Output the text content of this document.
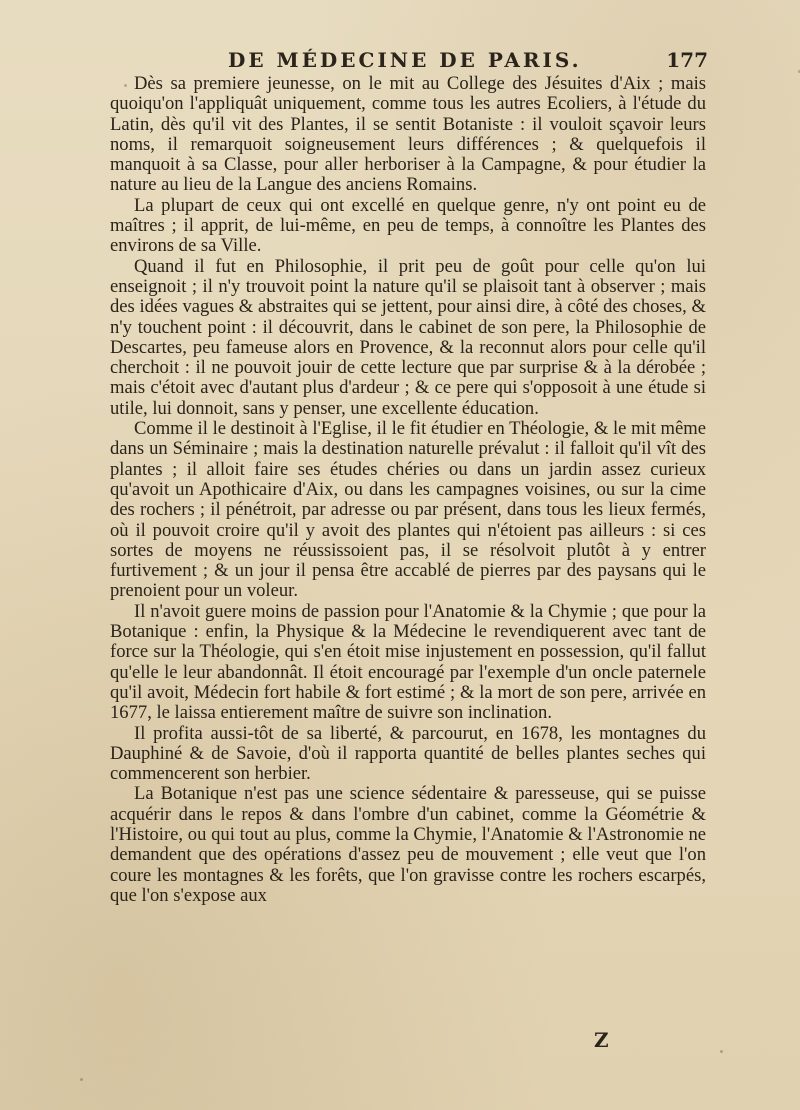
DE MÉDECINE DE PARIS.	177

Dès sa premiere jeunesse, on le mit au College des Jésuites d'Aix ; mais quoiqu'on l'appliquât uniquement, comme tous les autres Ecoliers, à l'étude du Latin, dès qu'il vit des Plantes, il se sentit Botaniste : il vouloit sçavoir leurs noms, il remarquoit soigneusement leurs différences ; & quelquefois il manquoit à sa Classe, pour aller herboriser à la Campagne, & pour étudier la nature au lieu de la Langue des anciens Romains.

La plupart de ceux qui ont excellé en quelque genre, n'y ont point eu de maîtres ; il apprit, de lui-même, en peu de temps, à connoître les Plantes des environs de sa Ville.

Quand il fut en Philosophie, il prit peu de goût pour celle qu'on lui enseignoit ; il n'y trouvoit point la nature qu'il se plaisoit tant à observer ; mais des idées vagues & abstraites qui se jettent, pour ainsi dire, à côté des choses, & n'y touchent point : il découvrit, dans le cabinet de son pere, la Philosophie de Descartes, peu fameuse alors en Provence, & la reconnut alors pour celle qu'il cherchoit : il ne pouvoit jouir de cette lecture que par surprise & à la dérobée ; mais c'étoit avec d'autant plus d'ardeur ; & ce pere qui s'opposoit à une étude si utile, lui donnoit, sans y penser, une excellente éducation.

Comme il le destinoit à l'Eglise, il le fit étudier en Théologie, & le mit même dans un Séminaire ; mais la destination naturelle prévalut : il falloit qu'il vît des plantes ; il alloit faire ses études chéries ou dans un jardin assez curieux qu'avoit un Apothicaire d'Aix, ou dans les campagnes voisines, ou sur la cime des rochers ; il pénétroit, par adresse ou par présent, dans tous les lieux fermés, où il pouvoit croire qu'il y avoit des plantes qui n'étoient pas ailleurs : si ces sortes de moyens ne réussissoient pas, il se résolvoit plutôt à y entrer furtivement ; & un jour il pensa être accablé de pierres par des paysans qui le prenoient pour un voleur.

Il n'avoit guere moins de passion pour l'Anatomie & la Chymie ; que pour la Botanique : enfin, la Physique & la Médecine le revendiquerent avec tant de force sur la Théologie, qui s'en étoit mise injustement en possession, qu'il fallut qu'elle le leur abandonnât. Il étoit encouragé par l'exemple d'un oncle paternele qu'il avoit, Médecin fort habile & fort estimé ; & la mort de son pere, arrivée en 1677, le laissa entierement maître de suivre son inclination.

Il profita aussi-tôt de sa liberté, & parcourut, en 1678, les montagnes du Dauphiné & de Savoie, d'où il rapporta quantité de belles plantes seches qui commencerent son herbier.

La Botanique n'est pas une science sédentaire & paresseuse, qui se puisse acquérir dans le repos & dans l'ombre d'un cabinet, comme la Géométrie & l'Histoire, ou qui tout au plus, comme la Chymie, l'Anatomie & l'Astronomie ne demandent que des opérations d'assez peu de mouvement ; elle veut que l'on coure les montagnes & les forêts, que l'on gravisse contre les rochers escarpés, que l'on s'expose aux

Z
